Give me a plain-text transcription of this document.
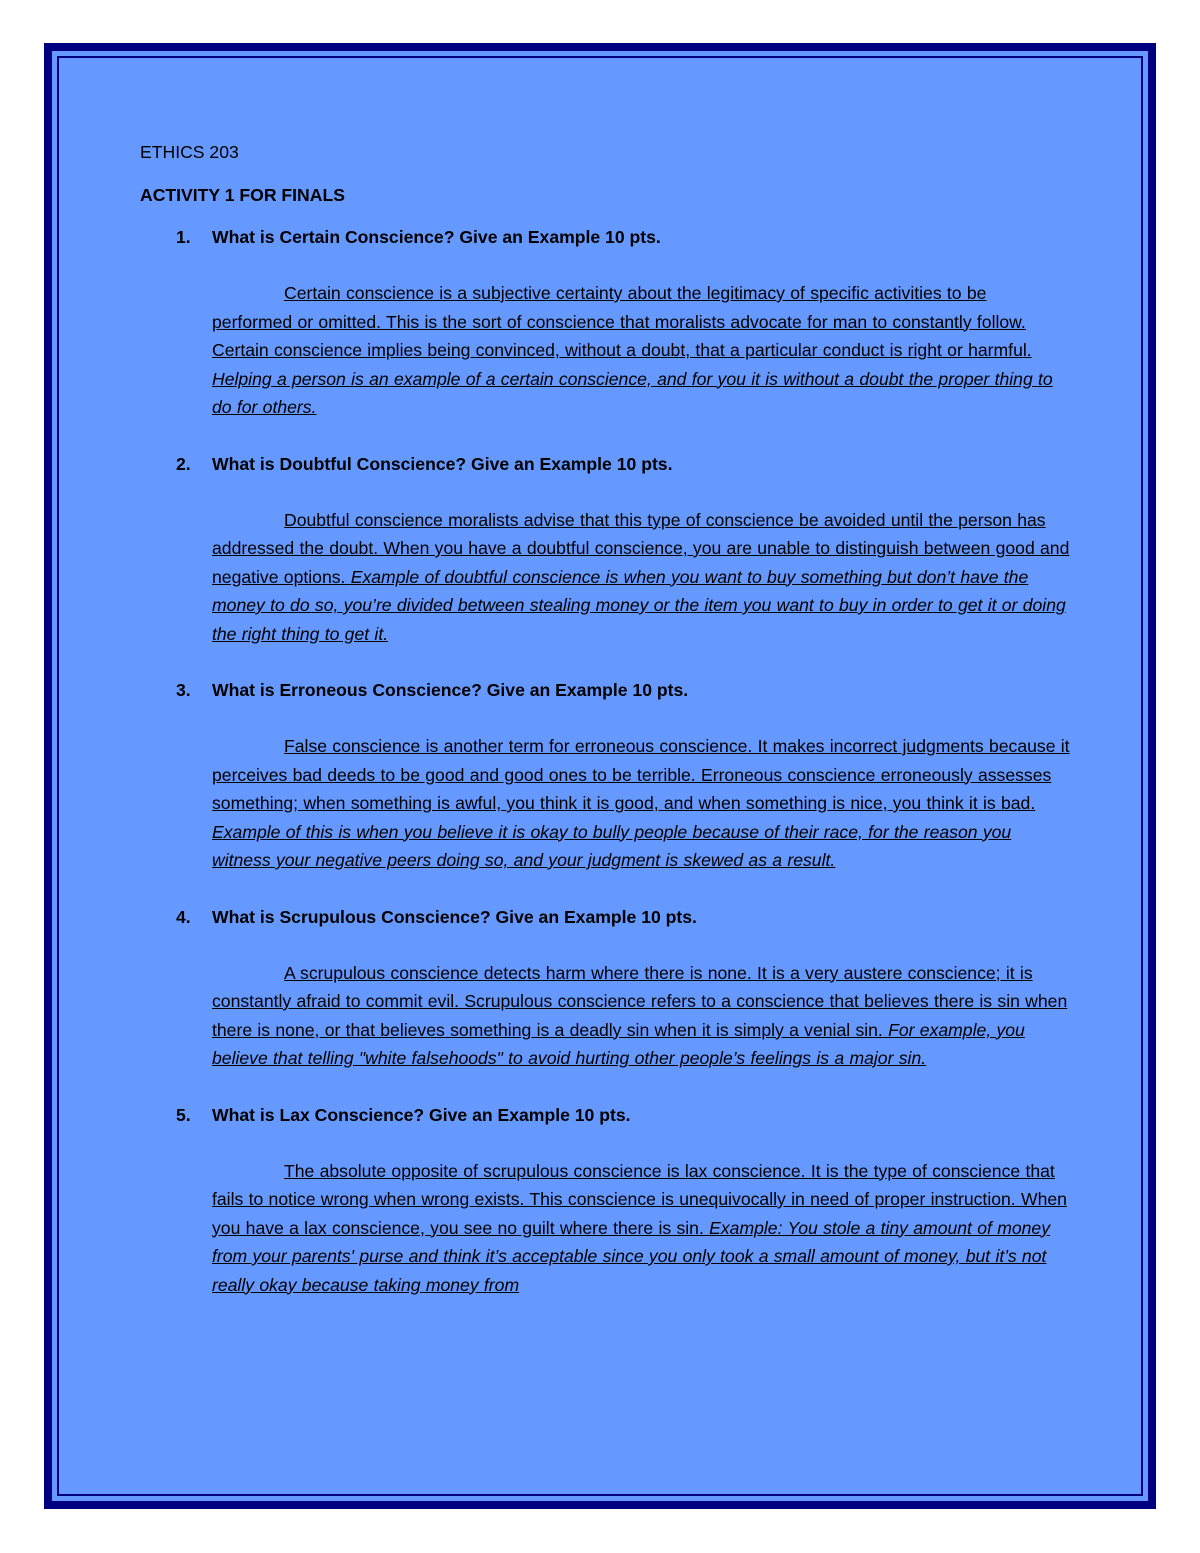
ETHICS 203

ACTIVITY 1 FOR FINALS

1. What is Certain Conscience? Give an Example 10 pts.

Certain conscience is a subjective certainty about the legitimacy of specific activities to be performed or omitted. This is the sort of conscience that moralists advocate for man to constantly follow. Certain conscience implies being convinced, without a doubt, that a particular conduct is right or harmful. Helping a person is an example of a certain conscience, and for you it is without a doubt the proper thing to do for others.

2. What is Doubtful Conscience? Give an Example 10 pts.

Doubtful conscience moralists advise that this type of conscience be avoided until the person has addressed the doubt. When you have a doubtful conscience, you are unable to distinguish between good and negative options. Example of doubtful conscience is when you want to buy something but don’t have the money to do so, you’re divided between stealing money or the item you want to buy in order to get it or doing the right thing to get it.

3. What is Erroneous Conscience? Give an Example 10 pts.

False conscience is another term for erroneous conscience. It makes incorrect judgments because it perceives bad deeds to be good and good ones to be terrible. Erroneous conscience erroneously assesses something; when something is awful, you think it is good, and when something is nice, you think it is bad. Example of this is when you believe it is okay to bully people because of their race, for the reason you witness your negative peers doing so, and your judgment is skewed as a result.

4. What is Scrupulous Conscience? Give an Example 10 pts.

A scrupulous conscience detects harm where there is none. It is a very austere conscience; it is constantly afraid to commit evil. Scrupulous conscience refers to a conscience that believes there is sin when there is none, or that believes something is a deadly sin when it is simply a venial sin. For example, you believe that telling "white falsehoods" to avoid hurting other people’s feelings is a major sin.

5. What is Lax Conscience? Give an Example 10 pts.

The absolute opposite of scrupulous conscience is lax conscience. It is the type of conscience that fails to notice wrong when wrong exists. This conscience is unequivocally in need of proper instruction. When you have a lax conscience, you see no guilt where there is sin. Example: You stole a tiny amount of money from your parents' purse and think it’s acceptable since you only took a small amount of money, but it’s not really okay because taking money from
